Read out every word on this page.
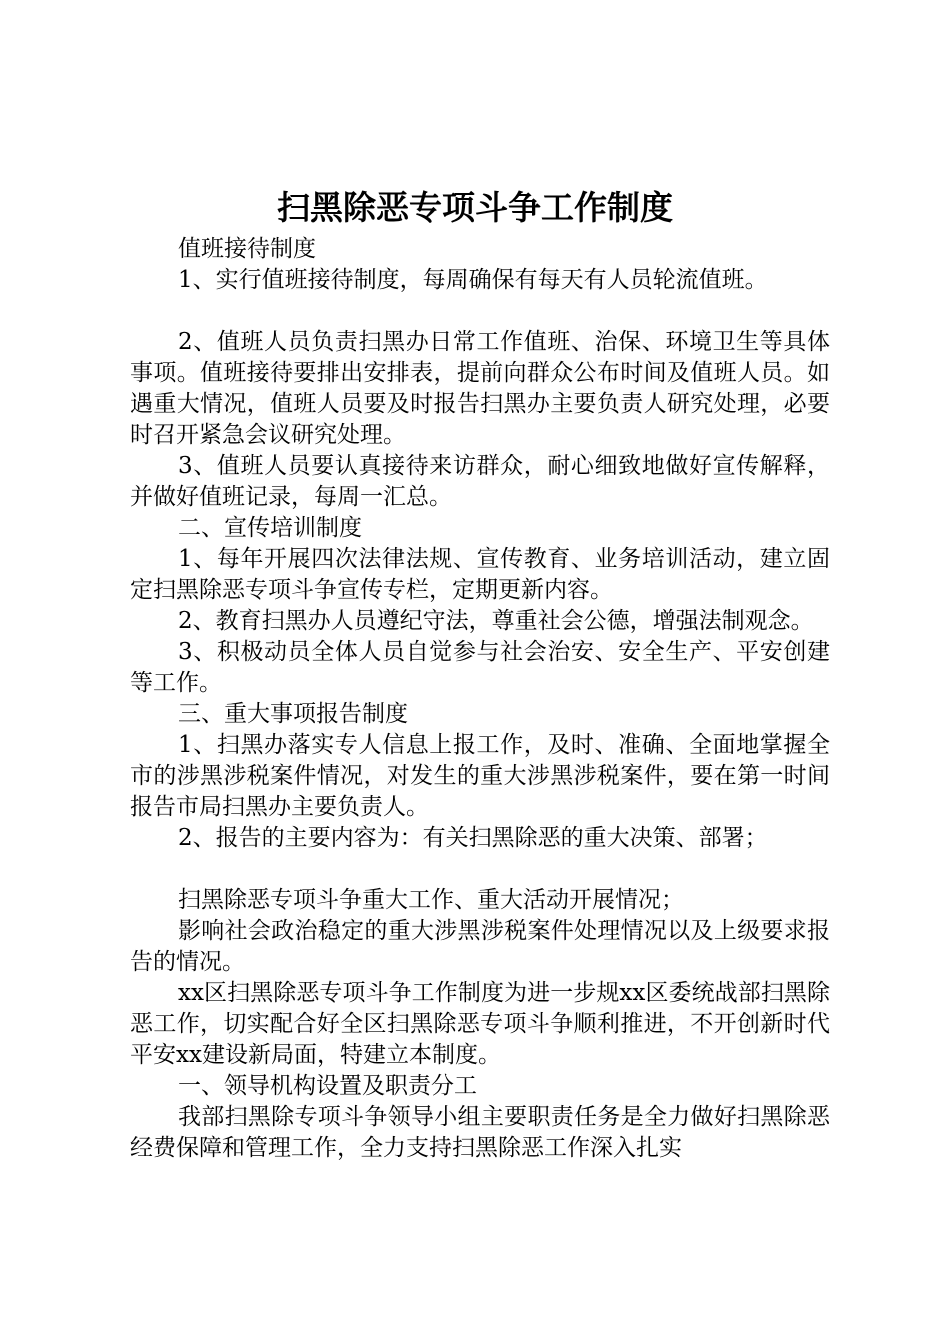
扫黑除恶专项斗争工作制度

值班接待制度

1、实行值班接待制度，每周确保有每天有人员轮流值班。

2、值班人员负责扫黑办日常工作值班、治保、环境卫生等具体事项。值班接待要排出安排表，提前向群众公布时间及值班人员。如遇重大情况，值班人员要及时报告扫黑办主要负责人研究处理，必要时召开紧急会议研究处理。

3、值班人员要认真接待来访群众，耐心细致地做好宣传解释，并做好值班记录，每周一汇总。

二、宣传培训制度

1、每年开展四次法律法规、宣传教育、业务培训活动，建立固定扫黑除恶专项斗争宣传专栏，定期更新内容。

2、教育扫黑办人员遵纪守法，尊重社会公德，增强法制观念。

3、积极动员全体人员自觉参与社会治安、安全生产、平安创建等工作。

三、重大事项报告制度

1、扫黑办落实专人信息上报工作，及时、准确、全面地掌握全市的涉黑涉税案件情况，对发生的重大涉黑涉税案件，要在第一时间报告市局扫黑办主要负责人。

2、报告的主要内容为：有关扫黑除恶的重大决策、部署；

扫黑除恶专项斗争重大工作、重大活动开展情况；

影响社会政治稳定的重大涉黑涉税案件处理情况以及上级要求报告的情况。

xx区扫黑除恶专项斗争工作制度为进一步规xx区委统战部扫黑除恶工作，切实配合好全区扫黑除恶专项斗争顺利推进，不开创新时代平安xx建设新局面，特建立本制度。

一、领导机构设置及职责分工

我部扫黑除专项斗争领导小组主要职责任务是全力做好扫黑除恶经费保障和管理工作，全力支持扫黑除恶工作深入扎实
